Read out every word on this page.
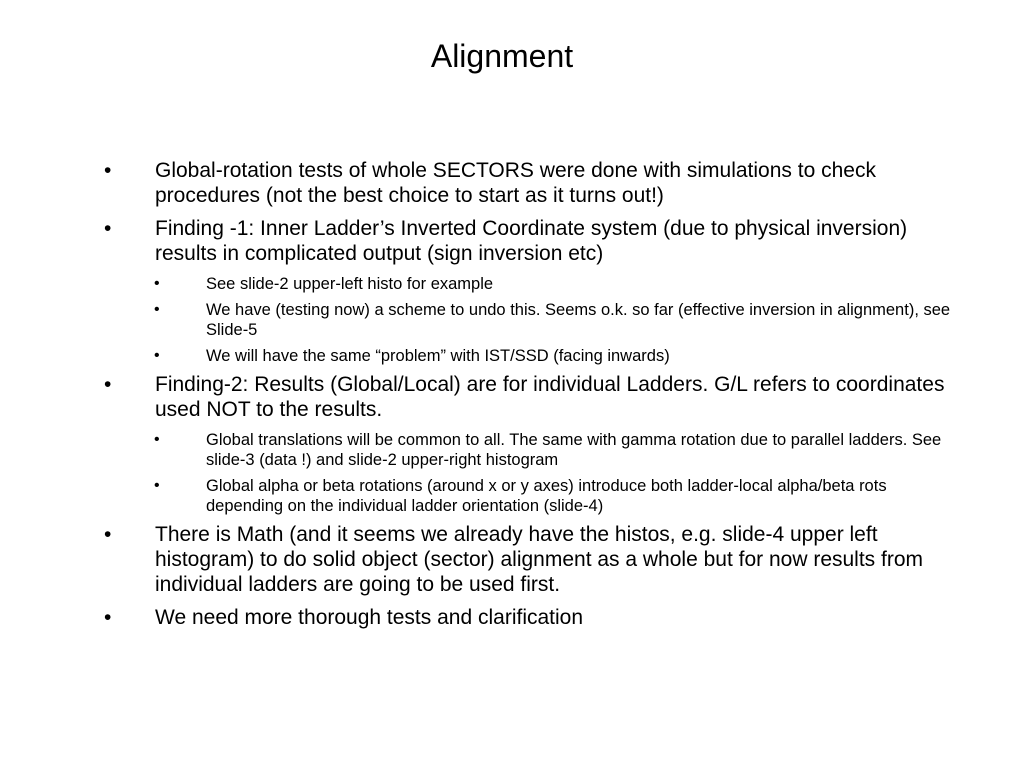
Alignment
• Global-rotation tests of whole SECTORS were done with simulations to check procedures (not the best choice to start as it turns out!)
• Finding -1: Inner Ladder’s Inverted Coordinate system (due to physical inversion) results in complicated output (sign inversion etc)
•	See slide-2 upper-left histo for example
•	We have (testing now) a scheme to undo this. Seems o.k. so far (effective inversion in alignment), see Slide-5
•	We will have the same “problem” with IST/SSD (facing inwards)
• Finding-2: Results (Global/Local) are for individual Ladders. G/L refers to coordinates used NOT to the results.
•	Global translations will be common to all. The same with gamma rotation due to parallel ladders. See slide-3 (data !) and slide-2 upper-right histogram
•	Global alpha or beta rotations (around x or y axes) introduce both ladder-local alpha/beta rots depending on the individual ladder orientation (slide-4)
• There is Math (and it seems we already have the histos, e.g. slide-4 upper left histogram) to do solid object (sector) alignment as a whole but for now results from individual ladders are going to be used first.
• We need more thorough tests and clarification
